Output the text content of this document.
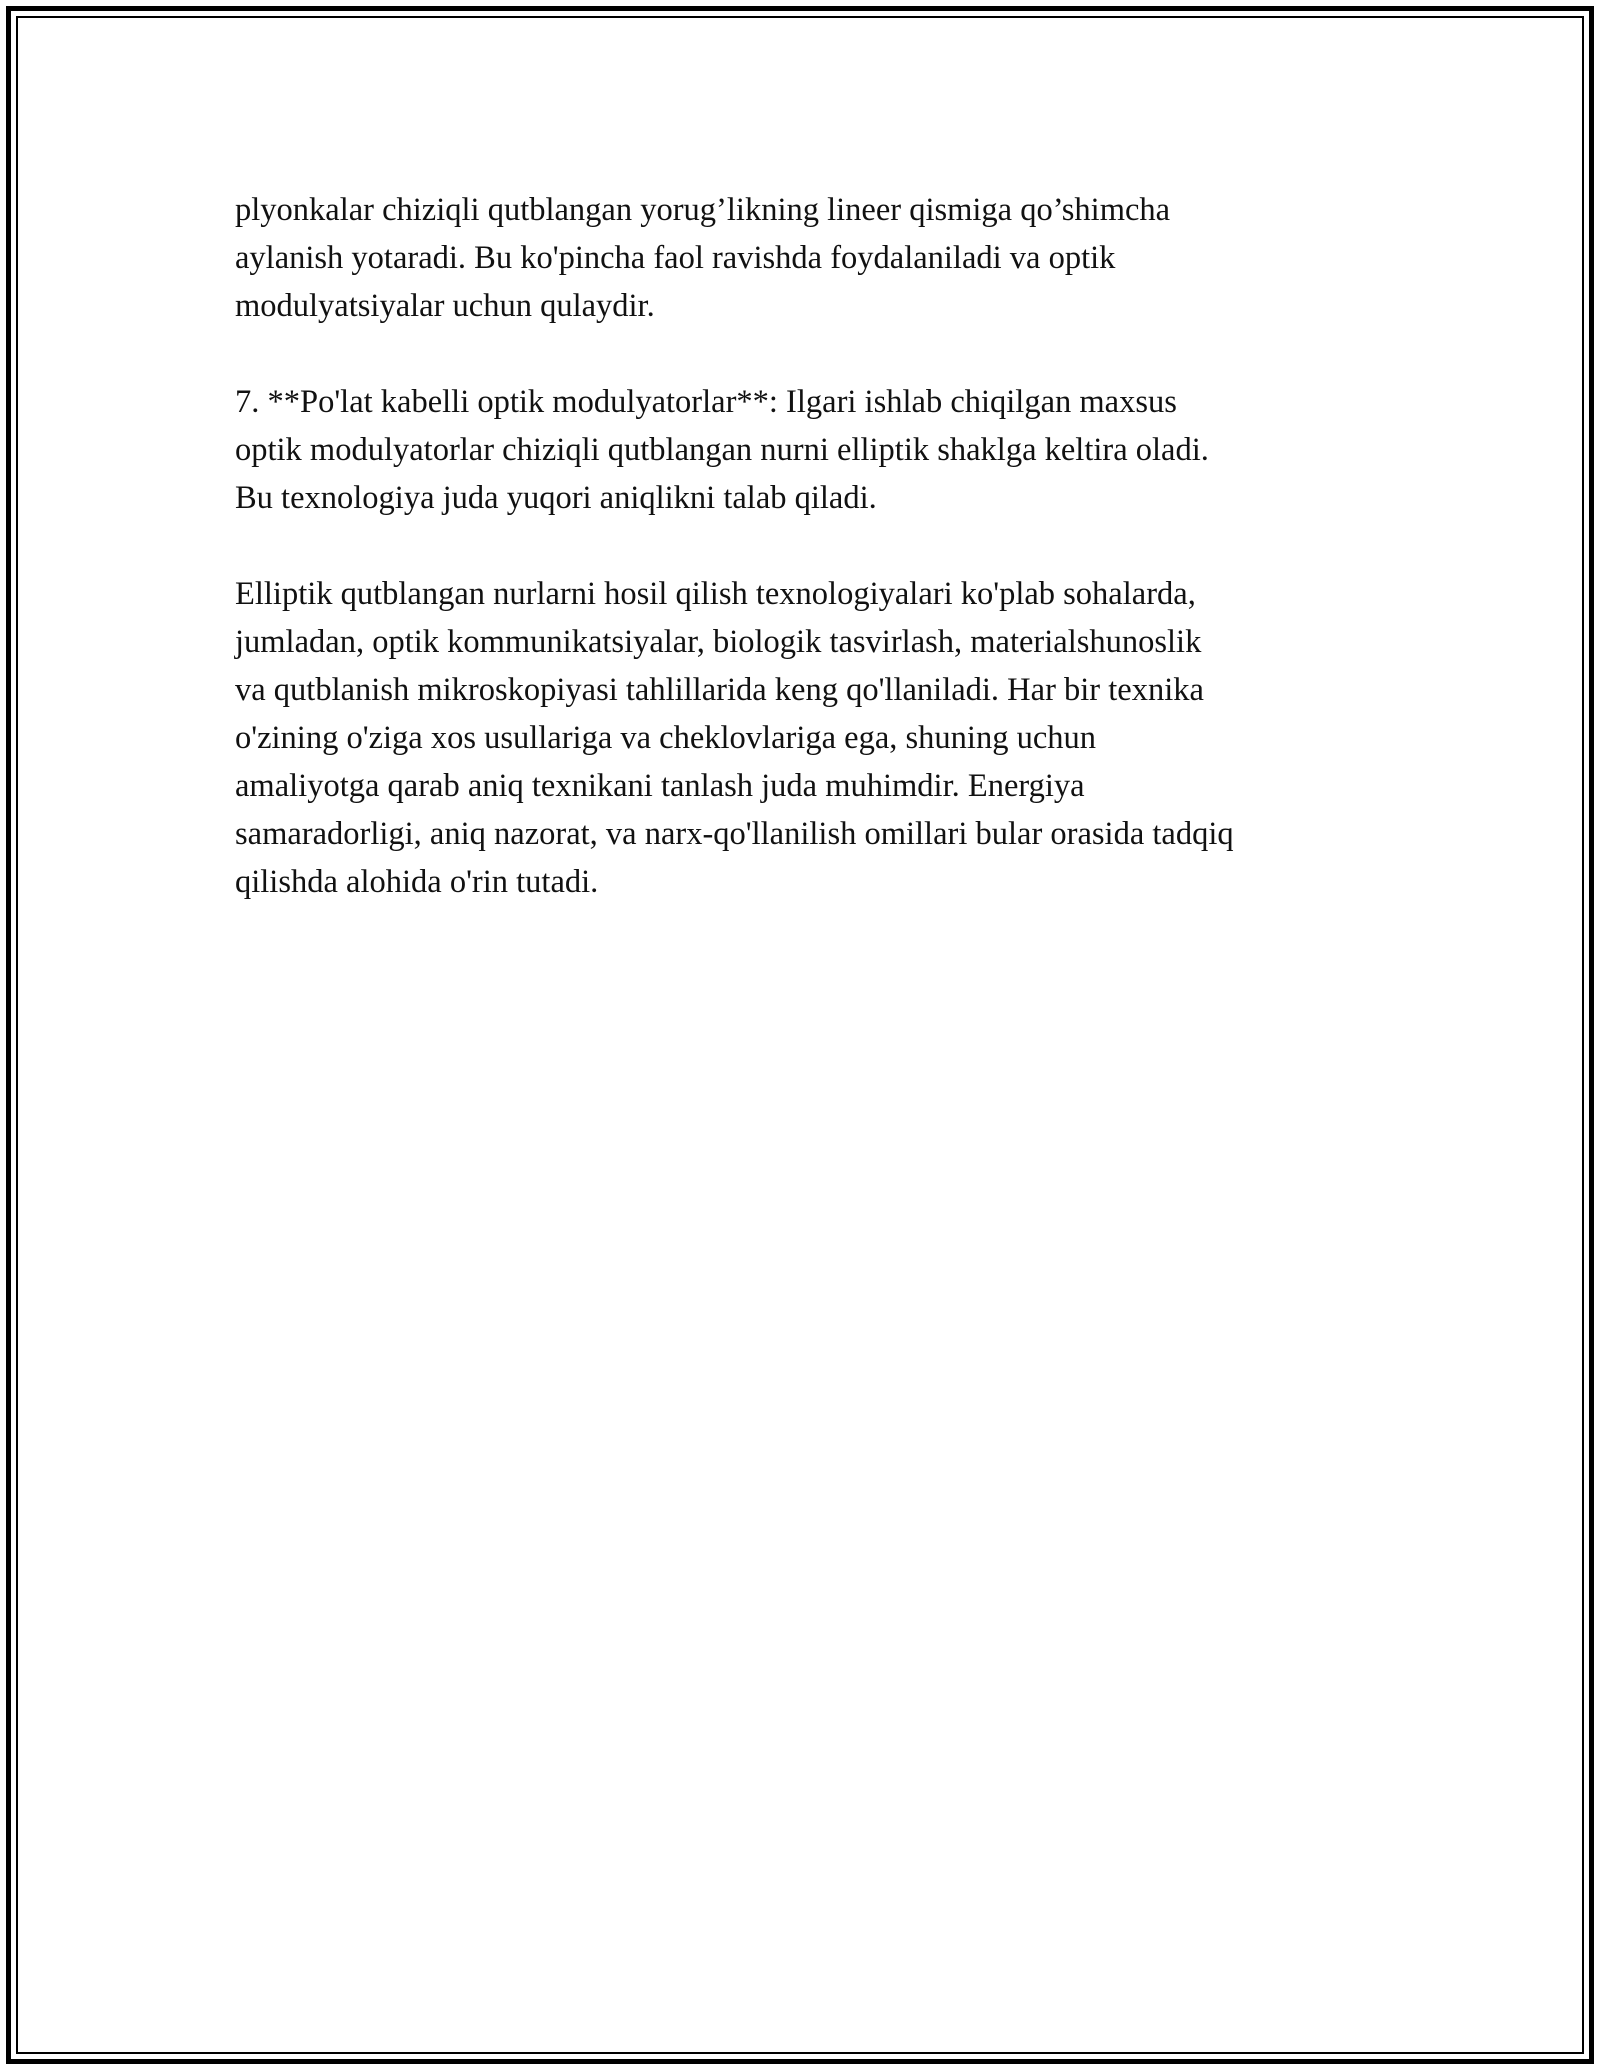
plyonkalar chiziqli qutblangan yorug’likning lineer qismiga qo’shimcha
aylanish yotaradi. Bu ko'pincha faol ravishda foydalaniladi va optik
modulyatsiyalar uchun qulaydir.

7. **Po'lat kabelli optik modulyatorlar**: Ilgari ishlab chiqilgan maxsus
optik modulyatorlar chiziqli qutblangan nurni elliptik shaklga keltira oladi.
Bu texnologiya juda yuqori aniqlikni talab qiladi.

Elliptik qutblangan nurlarni hosil qilish texnologiyalari ko'plab sohalarda,
jumladan, optik kommunikatsiyalar, biologik tasvirlash, materialshunoslik
va qutblanish mikroskopiyasi tahlillarida keng qo'llaniladi. Har bir texnika
o'zining o'ziga xos usullariga va cheklovlariga ega, shuning uchun
amaliyotga qarab aniq texnikani tanlash juda muhimdir. Energiya
samaradorligi, aniq nazorat, va narx-qo'llanilish omillari bular orasida tadqiq
qilishda alohida o'rin tutadi.
